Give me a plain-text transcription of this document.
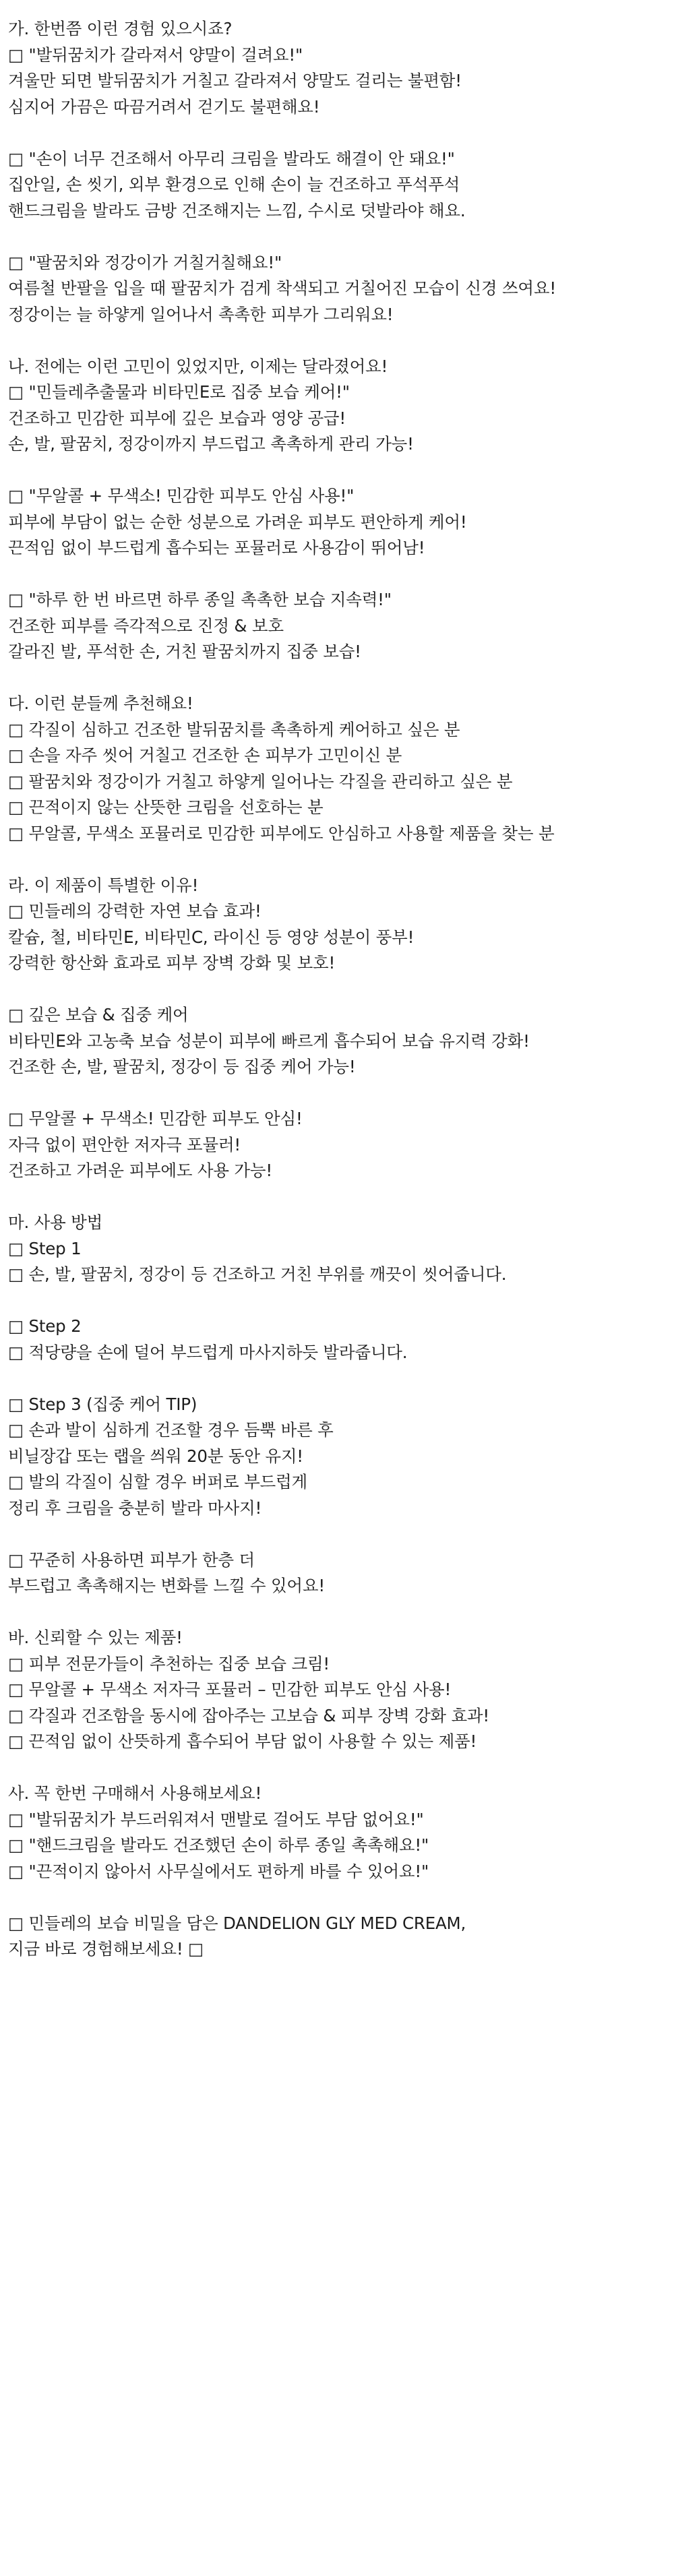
가. 한번쯤 이런 경험 있으시죠?
□ "발뒤꿈치가 갈라져서 양말이 걸려요!"
겨울만 되면 발뒤꿈치가 거칠고 갈라져서 양말도 걸리는 불편함!
심지어 가끔은 따끔거려서 걷기도 불편해요!
□ "손이 너무 건조해서 아무리 크림을 발라도 해결이 안 돼요!"
집안일, 손 씻기, 외부 환경으로 인해 손이 늘 건조하고 푸석푸석
핸드크림을 발라도 금방 건조해지는 느낌, 수시로 덧발라야 해요.
□ "팔꿈치와 정강이가 거칠거칠해요!"
여름철 반팔을 입을 때 팔꿈치가 검게 착색되고 거칠어진 모습이 신경 쓰여요!
정강이는 늘 하얗게 일어나서 촉촉한 피부가 그리워요!
나. 전에는 이런 고민이 있었지만, 이제는 달라졌어요!
□ "민들레추출물과 비타민E로 집중 보습 케어!"
건조하고 민감한 피부에 깊은 보습과 영양 공급!
손, 발, 팔꿈치, 정강이까지 부드럽고 촉촉하게 관리 가능!
□ "무알콜 + 무색소! 민감한 피부도 안심 사용!"
피부에 부담이 없는 순한 성분으로 가려운 피부도 편안하게 케어!
끈적임 없이 부드럽게 흡수되는 포뮬러로 사용감이 뛰어남!
□ "하루 한 번 바르면 하루 종일 촉촉한 보습 지속력!"
건조한 피부를 즉각적으로 진정 & 보호
갈라진 발, 푸석한 손, 거친 팔꿈치까지 집중 보습!
다. 이런 분들께 추천해요!
□ 각질이 심하고 건조한 발뒤꿈치를 촉촉하게 케어하고 싶은 분
□ 손을 자주 씻어 거칠고 건조한 손 피부가 고민이신 분
□ 팔꿈치와 정강이가 거칠고 하얗게 일어나는 각질을 관리하고 싶은 분
□ 끈적이지 않는 산뜻한 크림을 선호하는 분
□ 무알콜, 무색소 포뮬러로 민감한 피부에도 안심하고 사용할 제품을 찾는 분
라. 이 제품이 특별한 이유!
□ 민들레의 강력한 자연 보습 효과!
칼슘, 철, 비타민E, 비타민C, 라이신 등 영양 성분이 풍부!
강력한 항산화 효과로 피부 장벽 강화 및 보호!
□ 깊은 보습 & 집중 케어
비타민E와 고농축 보습 성분이 피부에 빠르게 흡수되어 보습 유지력 강화!
건조한 손, 발, 팔꿈치, 정강이 등 집중 케어 가능!
□ 무알콜 + 무색소! 민감한 피부도 안심!
자극 없이 편안한 저자극 포뮬러!
건조하고 가려운 피부에도 사용 가능!
마. 사용 방법
□ Step 1
□ 손, 발, 팔꿈치, 정강이 등 건조하고 거친 부위를 깨끗이 씻어줍니다.
□ Step 2
□ 적당량을 손에 덜어 부드럽게 마사지하듯 발라줍니다.
□ Step 3 (집중 케어 TIP)
□ 손과 발이 심하게 건조할 경우 듬뿍 바른 후
비닐장갑 또는 랩을 씌워 20분 동안 유지!
□ 발의 각질이 심할 경우 버퍼로 부드럽게
정리 후 크림을 충분히 발라 마사지!
□ 꾸준히 사용하면 피부가 한층 더
부드럽고 촉촉해지는 변화를 느낄 수 있어요!
바. 신뢰할 수 있는 제품!
□ 피부 전문가들이 추천하는 집중 보습 크림!
□ 무알콜 + 무색소 저자극 포뮬러 – 민감한 피부도 안심 사용!
□ 각질과 건조함을 동시에 잡아주는 고보습 & 피부 장벽 강화 효과!
□ 끈적임 없이 산뜻하게 흡수되어 부담 없이 사용할 수 있는 제품!
사. 꼭 한번 구매해서 사용해보세요!
□ "발뒤꿈치가 부드러워져서 맨발로 걸어도 부담 없어요!"
□ "핸드크림을 발라도 건조했던 손이 하루 종일 촉촉해요!"
□ "끈적이지 않아서 사무실에서도 편하게 바를 수 있어요!"
□ 민들레의 보습 비밀을 담은 DANDELION GLY MED CREAM,
지금 바로 경험해보세요! □
